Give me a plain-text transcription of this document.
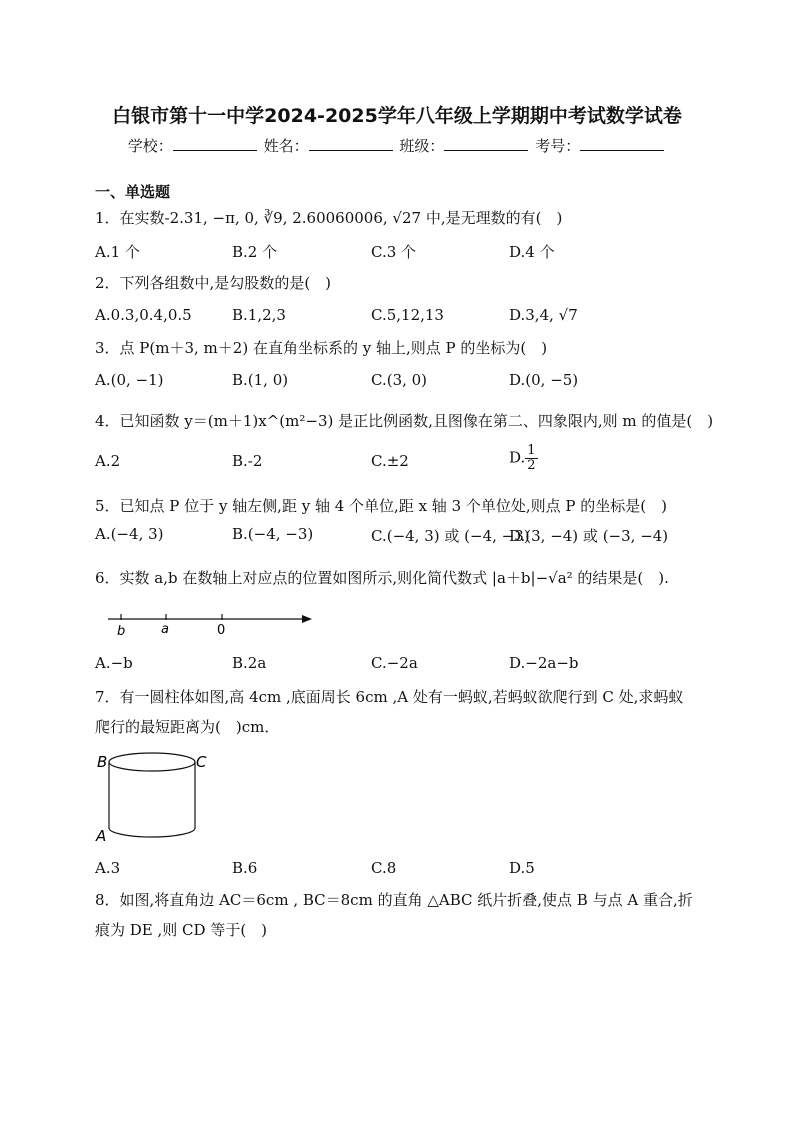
白银市第十一中学2024-2025学年八年级上学期期中考试数学试卷
学校：	姓名：	班级：	考号：
一、单选题
1．在实数-2.31, −π, 0, ∛9, 2.60060006, √27 中,是无理数的有(　)
A.1 个	B.2 个	C.3 个	D.4 个
2．下列各组数中,是勾股数的是(　)
A.0.3,0.4,0.5	B.1,2,3	C.5,12,13	D.3,4, √7
3．点 P(m＋3, m＋2) 在直角坐标系的 y 轴上,则点 P 的坐标为(　)
A.(0, −1)	B.(1, 0)	C.(3, 0)	D.(0, −5)
4．已知函数 y＝(m＋1)x^(m²−3) 是正比例函数,且图像在第二、四象限内,则 m 的值是(　)
A.2	B.-2	C.±2	D. $\frac{1}{2}$
5．已知点 P 位于 y 轴左侧,距 y 轴 4 个单位,距 x 轴 3 个单位处,则点 P 的坐标是(　)
A.(−4, 3)	B.(−4, −3)	C.(−4, 3) 或 (−4, −3)
D.(3, −4) 或 (−3, −4)
6．实数 a,b 在数轴上对应点的位置如图所示,则化简代数式 |a＋b|−√a² 的结果是(　).
b	a	0
A.−b	B.2a	C.−2a	D.−2a−b
7．有一圆柱体如图,高 4cm ,底面周长 6cm ,A 处有一蚂蚁,若蚂蚁欲爬行到 C 处,求蚂蚁
爬行的最短距离为(　)cm．
B	C
A
A.3	B.6	C.8	D.5
8．如图,将直角边 AC＝6cm , BC＝8cm 的直角 △ABC 纸片折叠,使点 B 与点 A 重合,折
痕为 DE ,则 CD 等于(　)
